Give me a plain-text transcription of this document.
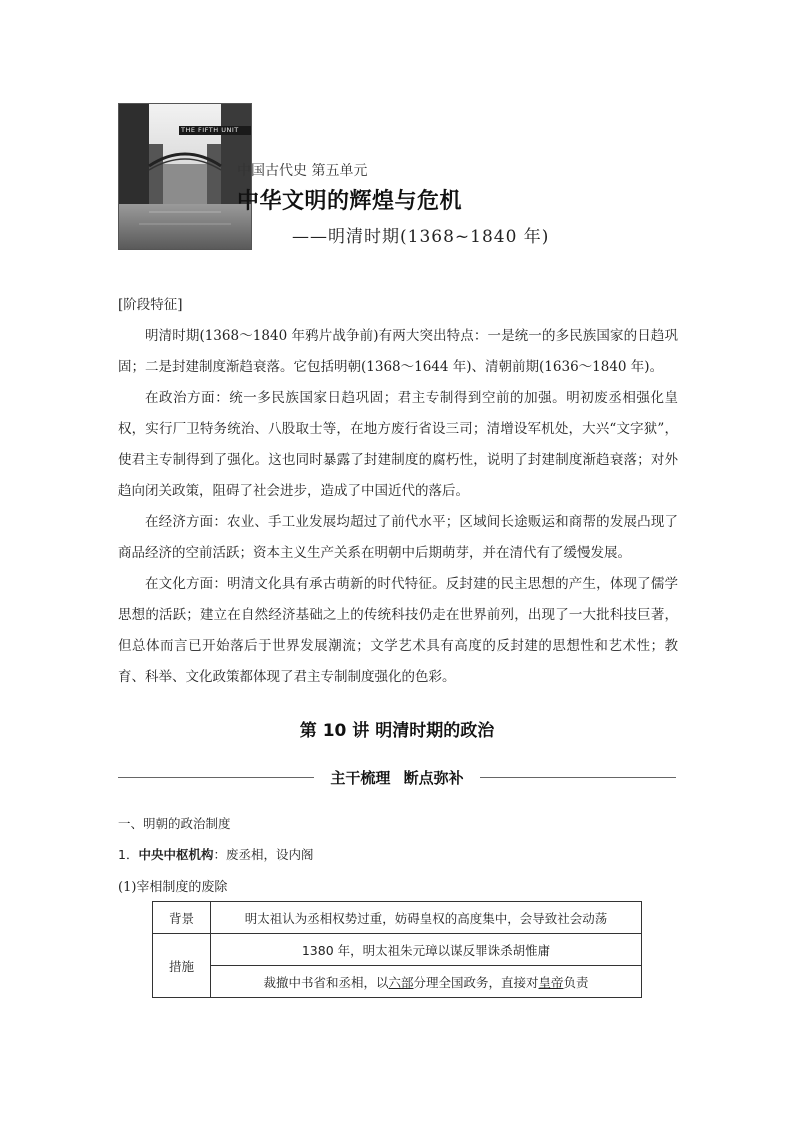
THE FIFTH UNIT
中国古代史 第五单元
中华文明的辉煌与危机
——明清时期(1368~1840 年)

[阶段特征]

明清时期(1368～1840 年鸦片战争前)有两大突出特点：一是统一的多民族国家的日趋巩固；二是封建制度渐趋衰落。它包括明朝(1368～1644 年)、清朝前期(1636～1840 年)。

在政治方面：统一多民族国家日趋巩固；君主专制得到空前的加强。明初废丞相强化皇权，实行厂卫特务统治、八股取士等，在地方废行省设三司；清增设军机处，大兴“文字狱”，使君主专制得到了强化。这也同时暴露了封建制度的腐朽性，说明了封建制度渐趋衰落；对外趋向闭关政策，阻碍了社会进步，造成了中国近代的落后。

在经济方面：农业、手工业发展均超过了前代水平；区域间长途贩运和商帮的发展凸现了商品经济的空前活跃；资本主义生产关系在明朝中后期萌芽，并在清代有了缓慢发展。

在文化方面：明清文化具有承古萌新的时代特征。反封建的民主思想的产生，体现了儒学思想的活跃；建立在自然经济基础之上的传统科技仍走在世界前列，出现了一大批科技巨著，但总体而言已开始落后于世界发展潮流；文学艺术具有高度的反封建的思想性和艺术性；教育、科举、文化政策都体现了君主专制制度强化的色彩。

第 10 讲 明清时期的政治
主干梳理 断点弥补
一、明朝的政治制度
1．中央中枢机构：废丞相，设内阁
(1)宰相制度的废除
背景	明太祖认为丞相权势过重，妨碍皇权的高度集中，会导致社会动荡
措施	1380 年，明太祖朱元璋以谋反罪诛杀胡惟庸
	裁撤中书省和丞相，以六部分理全国政务，直接对皇帝负责
